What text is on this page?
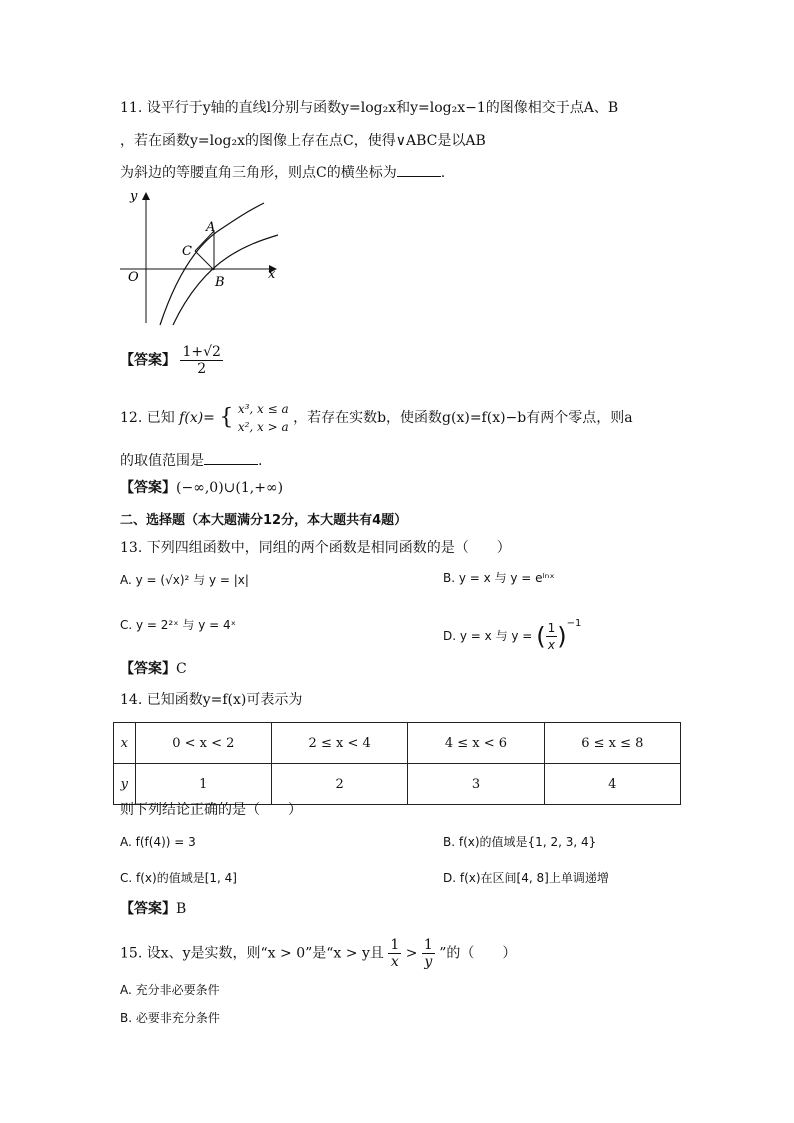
11. 设平行于y轴的直线l分别与函数y=log₂x和y=log₂x−1的图像相交于点A、B
，若在函数y=log₂x的图像上存在点C，使得∨ABC是以AB
为斜边的等腰直角三角形，则点C的横坐标为	.
y
x
O
A
B
C
【答案】 $\frac{1+√2}{2}$
12. 已知 f(x)= { x³, x ≤ a
x², x > a
，若存在实数b，使函数g(x)=f(x)−b有两个零点，则a
的取值范围是	.
【答案】(−∞,0)∪(1,+∞)
二、选择题（本大题满分12分，本大题共有4题）
13. 下列四组函数中，同组的两个函数是相同函数的是（　　）
A. y = (√x)² 与 y = |x|	B. y = x 与 y = eˡⁿˣ
C. y = 2²ˣ 与 y = 4ˣ
D. y = x 与 y = ( $\frac{1}{x} )^{-1}$
【答案】C
14. 已知函数y=f(x)可表示为
x	0 < x < 2	2 ≤ x < 4	4 ≤ x < 6	6 ≤ x ≤ 8
y	1	2	3	4
则下列结论正确的是（　　）
A. f(f(4)) = 3	B. f(x)的值域是{1, 2, 3, 4}
C. f(x)的值域是[1, 4]	D. f(x)在区间[4, 8]上单调递增
【答案】B
15. 设x、y是实数，则“x > 0”是“x > y且 $\frac{1}{x} > \frac{1}{y}$ ”的（　　）
A. 充分非必要条件
B. 必要非充分条件
